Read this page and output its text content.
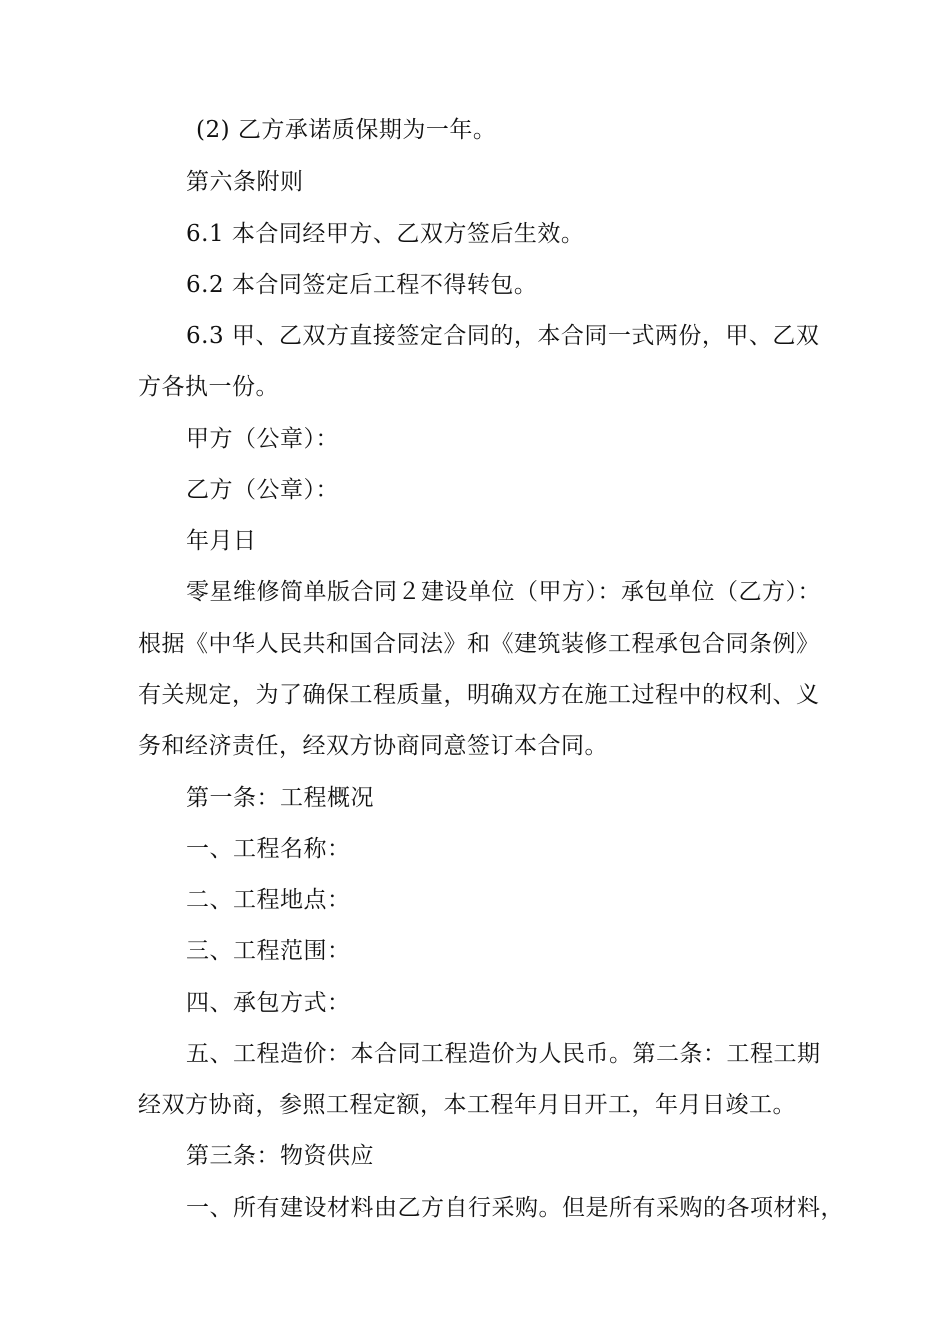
(2) 乙方承诺质保期为一年。
第六条附则
6.1 本合同经甲方、乙双方签后生效。
6.2 本合同签定后工程不得转包。
6.3 甲、乙双方直接签定合同的，本合同一式两份，甲、乙双
方各执一份。
甲方（公章）：
乙方（公章）：
年月日
零星维修简单版合同２建设单位（甲方）：承包单位（乙方）：
根据《中华人民共和国合同法》和《建筑装修工程承包合同条例》
有关规定，为了确保工程质量，明确双方在施工过程中的权利、义
务和经济责任，经双方协商同意签订本合同。
第一条：工程概况
一、工程名称：
二、工程地点：
三、工程范围：
四、承包方式：
五、工程造价：本合同工程造价为人民币。第二条：工程工期
经双方协商，参照工程定额，本工程年月日开工，年月日竣工。
第三条：物资供应
一、所有建设材料由乙方自行采购。但是所有采购的各项材料，
